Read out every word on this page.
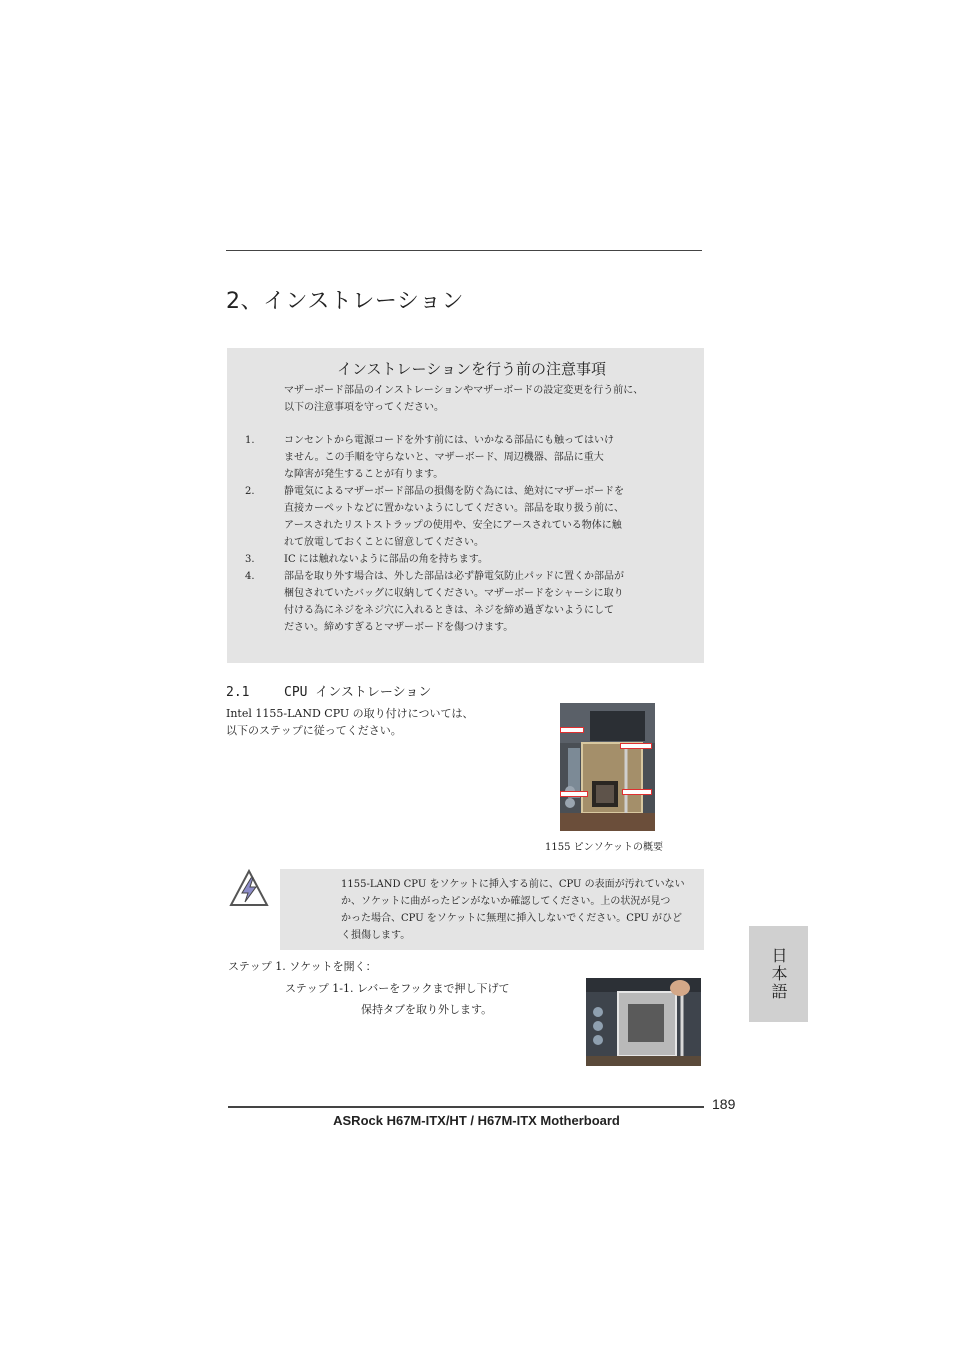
2、インストレーション
インストレーションを行う前の注意事項
マザーボード部品のインストレーションやマザーボードの設定変更を行う前に、
以下の注意事項を守ってください。
1.	コンセントから電源コードを外す前には、いかなる部品にも触ってはいけ
ません。この手順を守らないと、マザーボード、周辺機器、部品に重大
な障害が発生することが有ります。
2.	静電気によるマザーボード部品の損傷を防ぐ為には、絶対にマザーボードを
直接カーペットなどに置かないようにしてください。部品を取り扱う前に、
アースされたリストストラップの使用や、安全にアースされている物体に触
れて放電しておくことに留意してください。
3.	IC には触れないように部品の角を持ちます。
4.	部品を取り外す場合は、外した部品は必ず静電気防止パッドに置くか部品が
梱包されていたバッグに収納してください。マザーボードをシャーシに取り
付ける為にネジをネジ穴に入れるときは、ネジを締め過ぎないようにして
ださい。締めすぎるとマザーボードを傷つけます。
2.1	CPU インストレーション
Intel 1155-LAND CPU の取り付けについては、
以下のステップに従ってください。
1155 ピンソケットの概要
1155-LAND CPU をソケットに挿入する前に、CPU の表面が汚れていない
か、ソケットに曲がったピンがないか確認してください。上の状況が見つ
かった場合、CPU をソケットに無理に挿入しないでください。CPU がひど
く損傷します。
ステップ 1. ソケットを開く：
ステップ 1-1. レバーをフックまで押し下げて
保持タブを取り外します。
日本語
189
ASRock H67M-ITX/HT / H67M-ITX Motherboard
